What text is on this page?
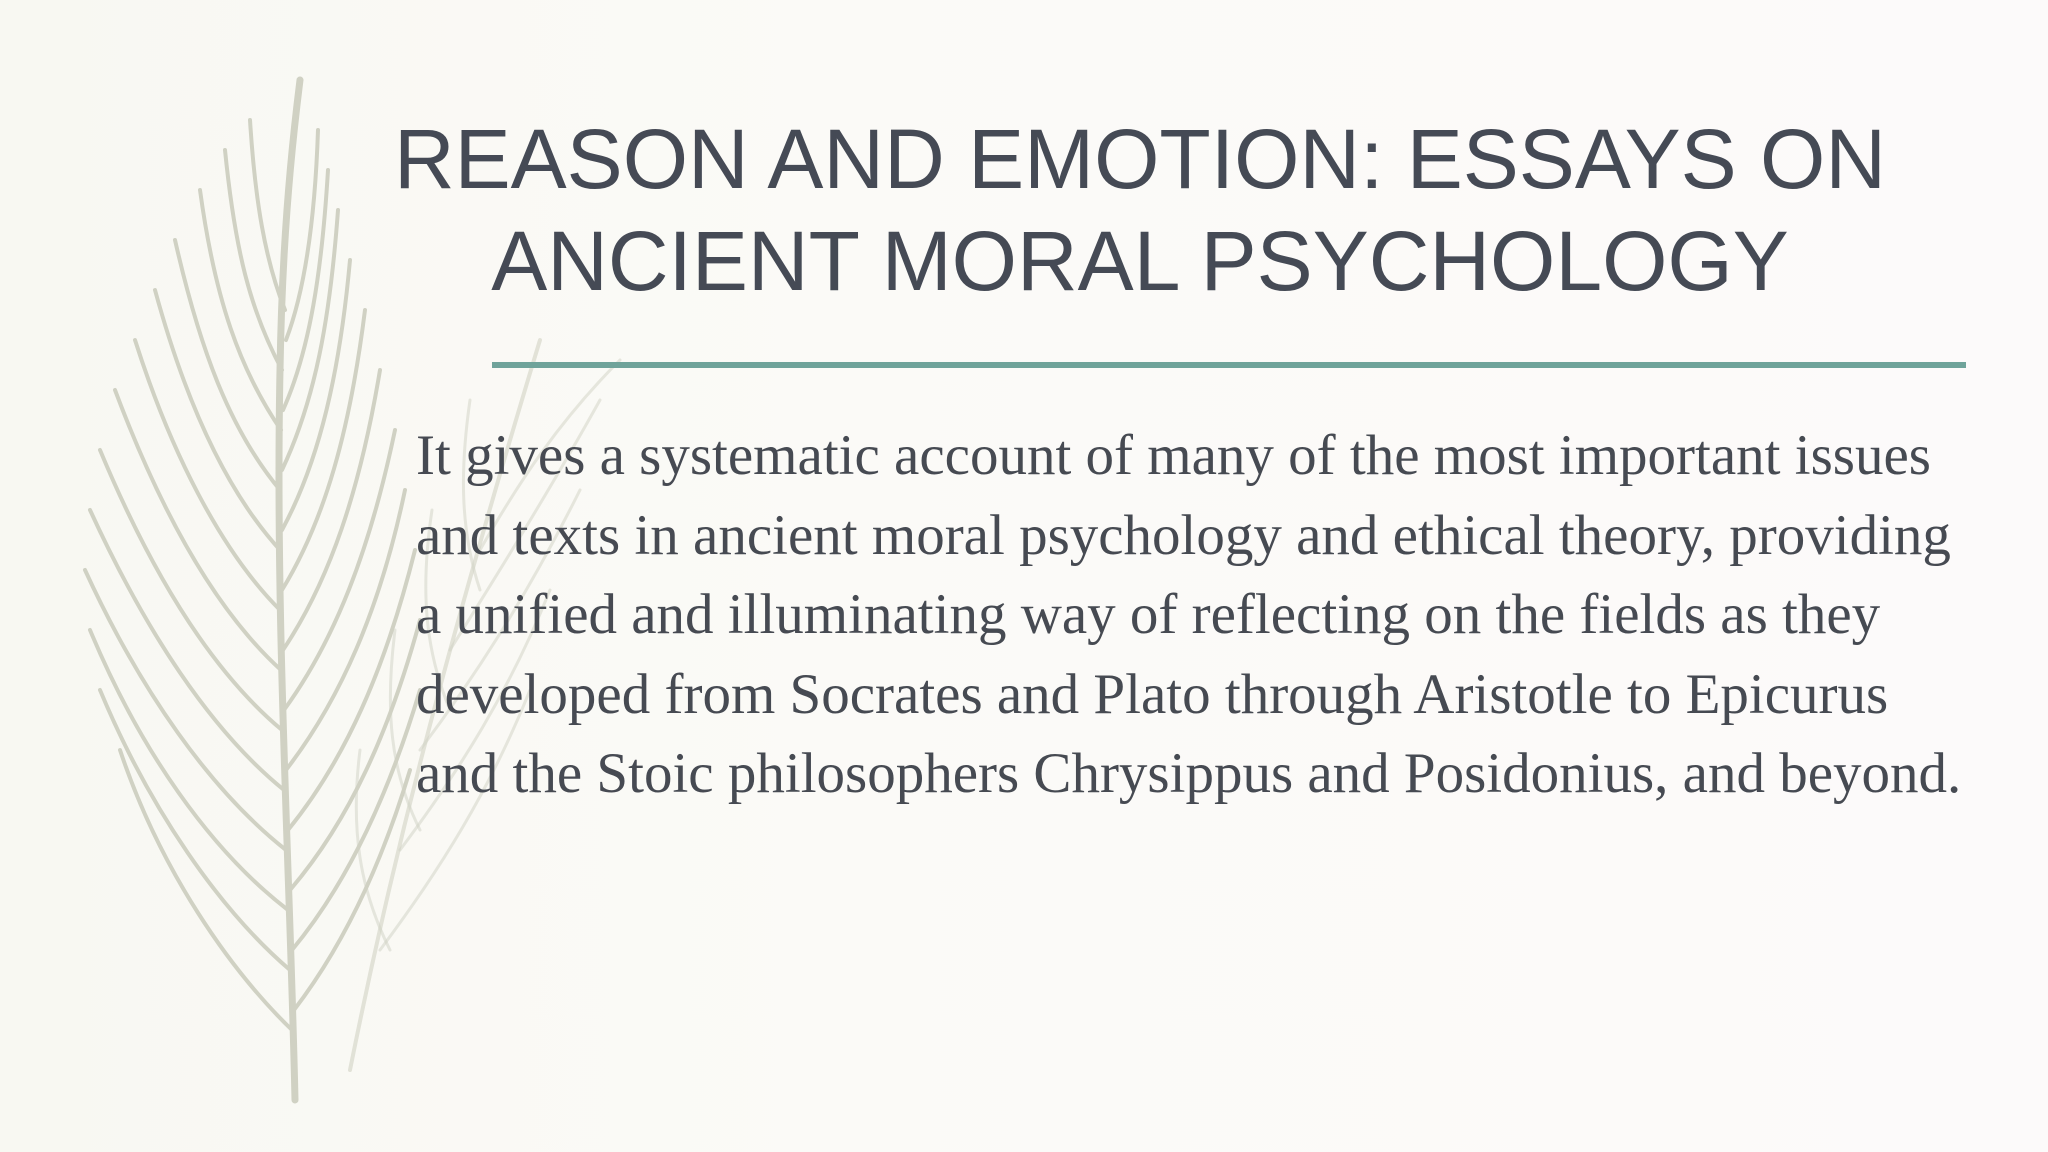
REASON AND EMOTION: ESSAYS ON ANCIENT MORAL PSYCHOLOGY

It gives a systematic account of many of the most important issues and texts in ancient moral psychology and ethical theory, providing a unified and illuminating way of reflecting on the fields as they developed from Socrates and Plato through Aristotle to Epicurus and the Stoic philosophers Chrysippus and Posidonius, and beyond.
